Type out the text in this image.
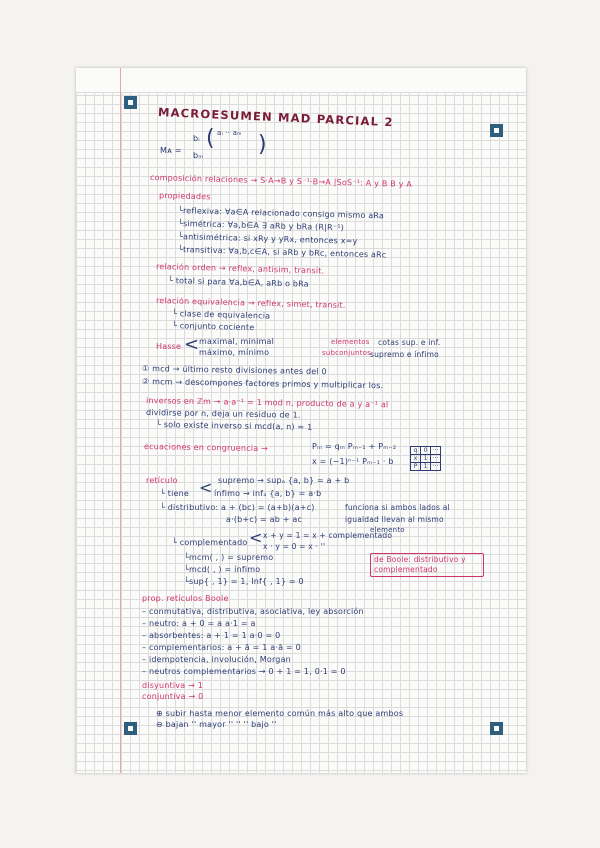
MACROESUMEN MAD PARCIAL 2
aᵢ ·· aₘ
bᵢ
bₘ
Mᴀ = ( )
composición relaciones → S·A→B y S⁻¹·B→A |SoS⁻¹: A y B B y A
propiedades
└reflexiva: ∀a∈A relacionado consigo mismo aRa
└simétrica: ∀a,b∈A ∃ aRb y bRa (R|R⁻¹)
└antisimétrica: si xRy y yRx, entonces x=y
└transitiva: ∀a,b,c∈A, si aRb y bRc, entonces aRc
relación orden → reflex, antisim, transit.
└ total si para ∀a,b∈A, aRb o bRa
relación equivalencia → reflex, simet, transit.
└ clase de equivalencia
└ conjunto cociente
Hasse < maximal, minimal
máximo, mínimo
elementos
subconjuntos
cotas sup. e inf.
supremo e ínfimo
① mcd → último resto divisiones antes del 0
② mcm → descompones factores primos y multiplicar los.
inversos en ℤm → a·a⁻¹ = 1 mod n, producto de a y a⁻¹ al
dividirse por n, deja un residuo de 1.
└ solo existe inverso si mcd(a, n) = 1
ecuaciones en congruencia →	Pₘ = qₘ Pₘ₋₁ + Pₘ₋₂
x = (−1)ⁿ⁻¹ Pₘ₋₁ · b
q	0	···
x	1	···
P	1	···
retículo	supremo → supₐ {a, b} = a + b
└ tiene < ínfimo → infₐ {a, b} = a·b
└ distributivo: a + (bc) = (a+b)(a+c)
a·(b+c) = ab + ac
funciona si ambos lados al
igualdad llevan al mismo
elemento
└ complementado < x + y = 1 = x + complementado
x · y = 0 = x · ''
└mcm( , ) = supremo
└mcd( , ) = ínfimo
└sup{ , 1} = 1, Inf{ , 1} = 0
de Boole: distributivo y
complementado
prop. retículos Boole
– conmutativa, distributiva, asociativa, ley absorción
– neutro: a + 0 = a a·1 = a
– absorbentes: a + 1 = 1 a·0 = 0
– complementarios: a + ā = 1 a·ā = 0
– idempotencia, involución, Morgan
– neutros complementarios → 0 + 1 = 1, 0·1 = 0
disyuntiva → 1
conjuntiva → 0
⊕ subir hasta menor elemento común más alto que ambos
⊖ bajan '' mayor '' '' '' bajo ''
